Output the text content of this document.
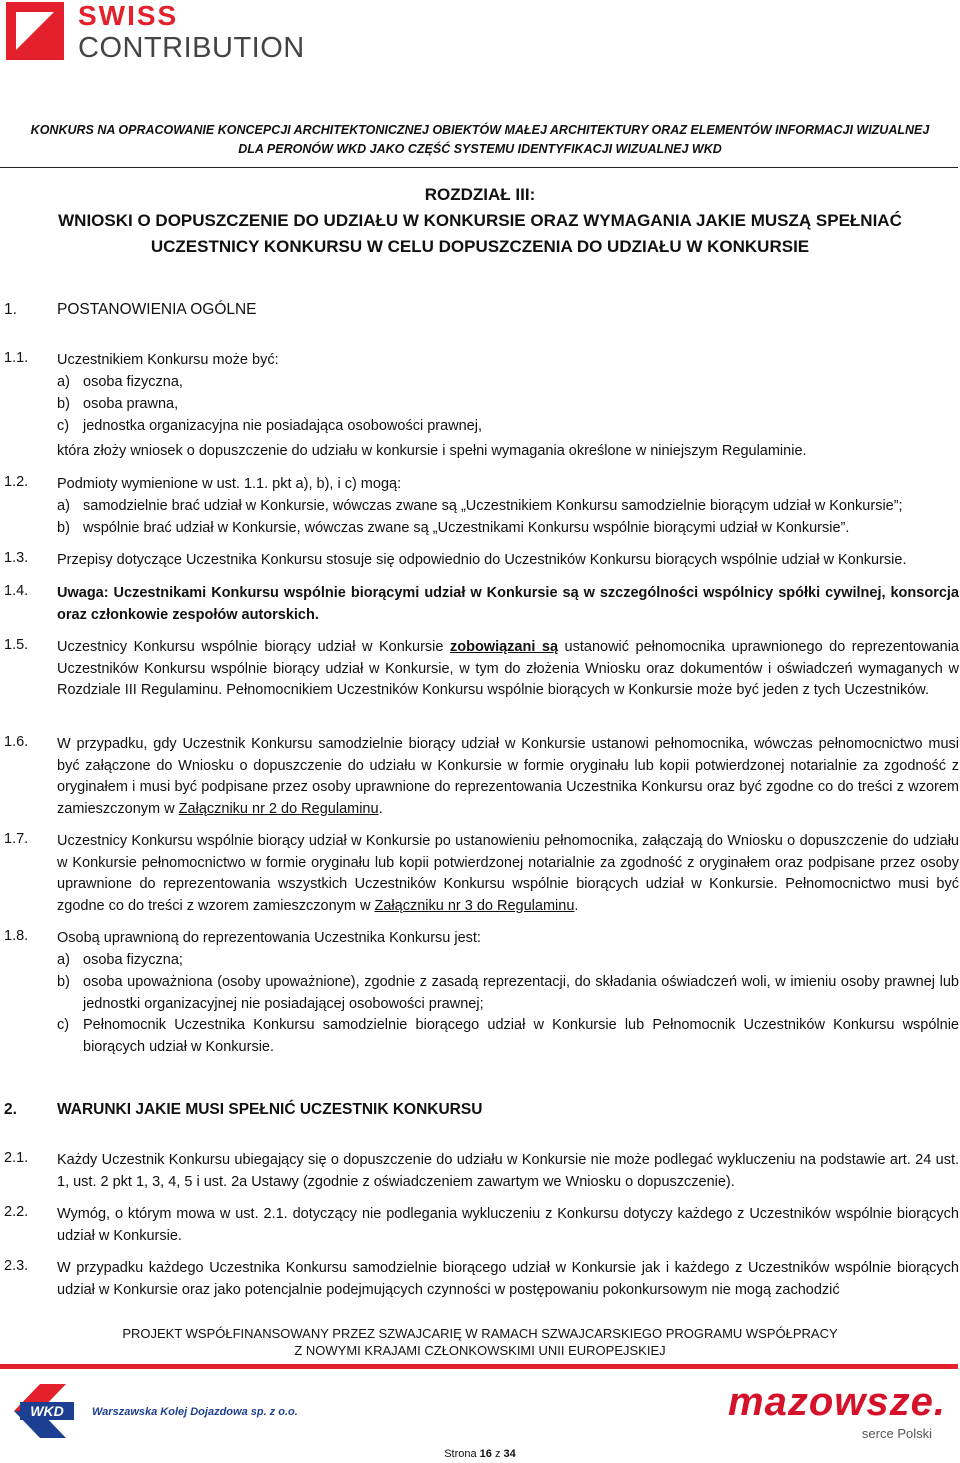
SWISS
CONTRIBUTION
KONKURS NA OPRACOWANIE KONCEPCJI ARCHITEKTONICZNEJ OBIEKTÓW MAŁEJ ARCHITEKTURY ORAZ ELEMENTÓW INFORMACJI WIZUALNEJ
DLA PERONÓW WKD JAKO CZĘŚĆ SYSTEMU IDENTYFIKACJI WIZUALNEJ WKD
ROZDZIAŁ III:
WNIOSKI O DOPUSZCZENIE DO UDZIAŁU W KONKURSIE ORAZ WYMAGANIA JAKIE MUSZĄ SPEŁNIAĆ
UCZESTNICY KONKURSU W CELU DOPUSZCZENIA DO UDZIAŁU W KONKURSIE
1.	POSTANOWIENIA OGÓLNE
1.1. Uczestnikiem Konkursu może być:
a) osoba fizyczna,
b) osoba prawna,
c) jednostka organizacyjna nie posiadająca osobowości prawnej,
która złoży wniosek o dopuszczenie do udziału w konkursie i spełni wymagania określone w niniejszym Regulaminie.
1.2. Podmioty wymienione w ust. 1.1. pkt a), b), i c) mogą:
a) samodzielnie brać udział w Konkursie, wówczas zwane są „Uczestnikiem Konkursu samodzielnie biorącym udział w Konkursie”;
b) wspólnie brać udział w Konkursie, wówczas zwane są „Uczestnikami Konkursu wspólnie biorącymi udział w Konkursie”.
1.3. Przepisy dotyczące Uczestnika Konkursu stosuje się odpowiednio do Uczestników Konkursu biorących wspólnie udział w Konkursie.
1.4. Uwaga: Uczestnikami Konkursu wspólnie biorącymi udział w Konkursie są w szczególności wspólnicy spółki cywilnej, konsorcja oraz członkowie zespołów autorskich.
1.5. Uczestnicy Konkursu wspólnie biorący udział w Konkursie zobowiązani są ustanowić pełnomocnika uprawnionego do reprezentowania Uczestników Konkursu wspólnie biorący udział w Konkursie, w tym do złożenia Wniosku oraz dokumentów i oświadczeń wymaganych w Rozdziale III Regulaminu. Pełnomocnikiem Uczestników Konkursu wspólnie biorących w Konkursie może być jeden z tych Uczestników.
1.6. W przypadku, gdy Uczestnik Konkursu samodzielnie biorący udział w Konkursie ustanowi pełnomocnika, wówczas pełnomocnictwo musi być załączone do Wniosku o dopuszczenie do udziału w Konkursie w formie oryginału lub kopii potwierdzonej notarialnie za zgodność z oryginałem i musi być podpisane przez osoby uprawnione do reprezentowania Uczestnika Konkursu oraz być zgodne co do treści z wzorem zamieszczonym w Załączniku nr 2 do Regulaminu.
1.7. Uczestnicy Konkursu wspólnie biorący udział w Konkursie po ustanowieniu pełnomocnika, załączają do Wniosku o dopuszczenie do udziału w Konkursie pełnomocnictwo w formie oryginału lub kopii potwierdzonej notarialnie za zgodność z oryginałem oraz podpisane przez osoby uprawnione do reprezentowania wszystkich Uczestników Konkursu wspólnie biorących udział w Konkursie. Pełnomocnictwo musi być zgodne co do treści z wzorem zamieszczonym w Załączniku nr 3 do Regulaminu.
1.8. Osobą uprawnioną do reprezentowania Uczestnika Konkursu jest:
a) osoba fizyczna;
b) osoba upoważniona (osoby upoważnione), zgodnie z zasadą reprezentacji, do składania oświadczeń woli, w imieniu osoby prawnej lub jednostki organizacyjnej nie posiadającej osobowości prawnej;
c) Pełnomocnik Uczestnika Konkursu samodzielnie biorącego udział w Konkursie lub Pełnomocnik Uczestników Konkursu wspólnie biorących udział w Konkursie.
2.	WARUNKI JAKIE MUSI SPEŁNIĆ UCZESTNIK KONKURSU
2.1. Każdy Uczestnik Konkursu ubiegający się o dopuszczenie do udziału w Konkursie nie może podlegać wykluczeniu na podstawie art. 24 ust. 1, ust. 2 pkt 1, 3, 4, 5 i ust. 2a Ustawy (zgodnie z oświadczeniem zawartym we Wniosku o dopuszczenie).
2.2. Wymóg, o którym mowa w ust. 2.1. dotyczący nie podlegania wykluczeniu z Konkursu dotyczy każdego z Uczestników wspólnie biorących udział w Konkursie.
2.3. W przypadku każdego Uczestnika Konkursu samodzielnie biorącego udział w Konkursie jak i każdego z Uczestników wspólnie biorących udział w Konkursie oraz jako potencjalnie podejmujących czynności w postępowaniu pokonkursowym nie mogą zachodzić
PROJEKT WSPÓŁFINANSOWANY PRZEZ SZWAJCARIĘ W RAMACH SZWAJCARSKIEGO PROGRAMU WSPÓŁPRACY
Z NOWYMI KRAJAMI CZŁONKOWSKIMI UNII EUROPEJSKIEJ
WKD	Warszawska Kolej Dojazdowa sp. z o.o.	mazowsze.
serce Polski
Strona 16 z 34
